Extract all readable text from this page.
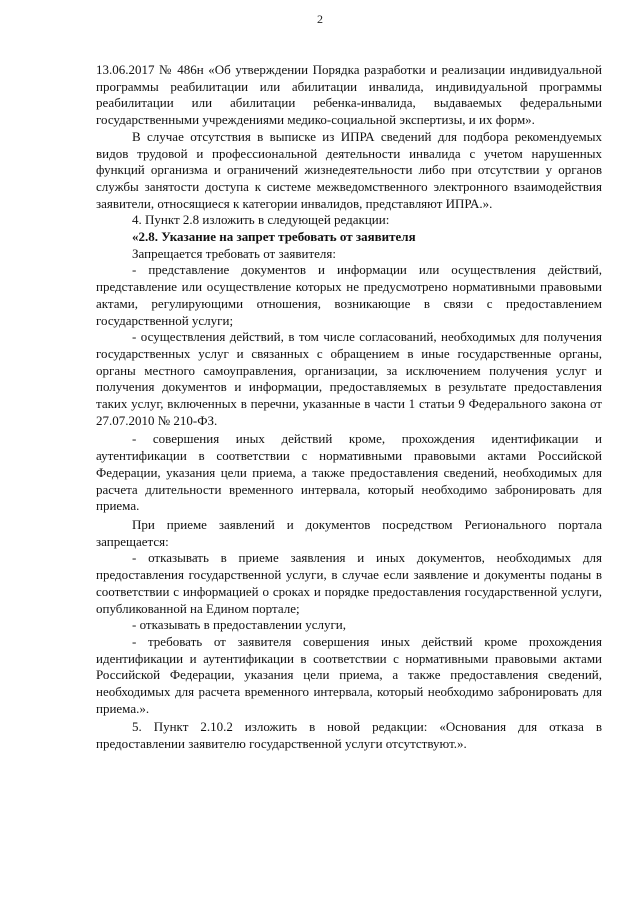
2

13.06.2017 № 486н «Об утверждении Порядка разработки и реализации индивидуальной программы реабилитации или абилитации инвалида, индивидуальной программы реабилитации или абилитации ребенка-инвалида, выдаваемых федеральными государственными учреждениями медико-социальной экспертизы, и их форм».

В случае отсутствия в выписке из ИПРА сведений для подбора рекомендуемых видов трудовой и профессиональной деятельности инвалида с учетом нарушенных функций организма и ограничений жизнедеятельности либо при отсутствии у органов службы занятости доступа к системе межведомственного электронного взаимодействия заявители, относящиеся к категории инвалидов, представляют ИПРА.».

4. Пункт 2.8 изложить в следующей редакции:

«2.8. Указание на запрет требовать от заявителя

Запрещается требовать от заявителя:

- представление документов и информации или осуществления действий, представление или осуществление которых не предусмотрено нормативными правовыми актами, регулирующими отношения, возникающие в связи с предоставлением государственной услуги;

- осуществления действий, в том числе согласований, необходимых для получения государственных услуг и связанных с обращением в иные государственные органы, органы местного самоуправления, организации, за исключением получения услуг и получения документов и информации, предоставляемых в результате предоставления таких услуг, включенных в перечни, указанные в части 1 статьи 9 Федерального закона от 27.07.2010 № 210-ФЗ.

- совершения иных действий кроме, прохождения идентификации и аутентификации в соответствии с нормативными правовыми актами Российской Федерации, указания цели приема, а также предоставления сведений, необходимых для расчета длительности временного интервала, который необходимо забронировать для приема.

При приеме заявлений и документов посредством Регионального портала запрещается:

- отказывать в приеме заявления и иных документов, необходимых для предоставления государственной услуги, в случае если заявление и документы поданы в соответствии с информацией о сроках и порядке предоставления государственной услуги, опубликованной на Едином портале;

- отказывать в предоставлении услуги,

- требовать от заявителя совершения иных действий кроме прохождения идентификации и аутентификации в соответствии с нормативными правовыми актами Российской Федерации, указания цели приема, а также предоставления сведений, необходимых для расчета временного интервала, который необходимо забронировать для приема.».

5. Пункт 2.10.2 изложить в новой редакции: «Основания для отказа в предоставлении заявителю государственной услуги отсутствуют.».
